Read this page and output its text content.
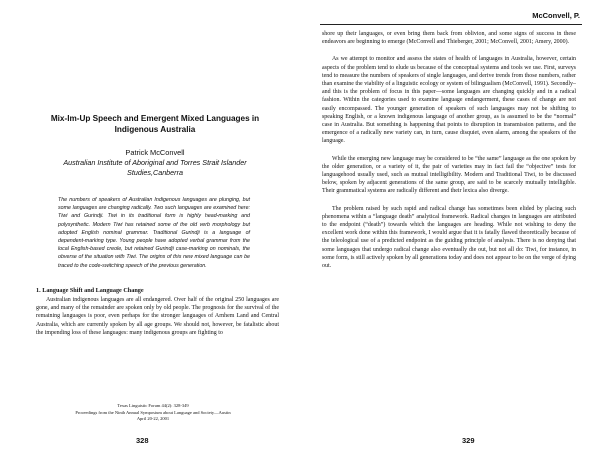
Mix-Im-Up Speech and Emergent Mixed Languages in Indigenous Australia
Patrick McConvell
Australian Institute of Aboriginal and Torres Strait Islander Studies,Canberra

The numbers of speakers of Australian Indigenous languages are plunging, but some languages are changing radically. Two such languages are examined here: Tiwi and Gurindji. Tiwi in its traditional form is highly head-marking and polysynthetic. Modern Tiwi has retained some of the old verb morphology but adopted English nominal grammar. Traditional Gurindji is a language of dependent-marking type. Young people have adopted verbal grammar from the local English-based creole, but retained Gurindji case-marking on nominals, the obverse of the situation with Tiwi. The origins of this new mixed language can be traced to the code-switching speech of the previous generation.

1. Language Shift and Language Change

Australian indigenous languages are all endangered. Over half of the original 250 languages are gone, and many of the remainder are spoken only by old people. The prognosis for the survival of the remaining languages is poor, even perhaps for the stronger languages of Arnhem Land and Central Australia, which are currently spoken by all age groups. We should not, however, be fatalistic about the impending loss of these languages: many indigenous groups are fighting to

Texas Linguistic Forum 44(2): 328-349
Proceedings from the Ninth Annual Symposium about Language and Society—Austin
April 20-22, 2001
328
McConvell, P.

shore up their languages, or even bring them back from oblivion, and some signs of success in these endeavors are beginning to emerge (McConvell and Thieberger, 2001; McConvell, 2001; Amery, 2000).

As we attempt to monitor and assess the states of health of languages in Australia, however, certain aspects of the problem tend to elude us because of the conceptual systems and tools we use. First, surveys tend to measure the numbers of speakers of single languages, and derive trends from those numbers, rather than examine the viability of a linguistic ecology or system of bilingualism (McConvell, 1991). Secondly–and this is the problem of focus in this paper—some languages are changing quickly and in a radical fashion. Within the categories used to examine language endangerment, these cases of change are not easily encompassed. The younger generation of speakers of such languages may not be shifting to speaking English, or a known indigenous language of another group, as is assumed to be the “normal” case in Australia. But something is happening that points to disruption in transmission patterns, and the emergence of a radically new variety can, in turn, cause disquiet, even alarm, among the speakers of the language.

While the emerging new language may be considered to be “the same” language as the one spoken by the older generation, or a variety of it, the pair of varieties may in fact fail the “objective” tests for languagehood usually used, such as mutual intelligibility. Modern and Traditional Tiwi, to be discussed below, spoken by adjacent generations of the same group, are said to be scarcely mutually intelligible. Their grammatical systems are radically different and their lexica also diverge.

The problem raised by such rapid and radical change has sometimes been elided by placing such phenomena within a “language death” analytical framework. Radical changes in languages are attributed to the endpoint (“death”) towards which the languages are heading. While not wishing to deny the excellent work done within this framework, I would argue that it is fatally flawed theoretically because of the teleological use of a predicted endpoint as the guiding principle of analysis. There is no denying that some languages that undergo radical change also eventually die out, but not all do: Tiwi, for instance, in some form, is still actively spoken by all generations today and does not appear to be on the verge of dying out.

329
